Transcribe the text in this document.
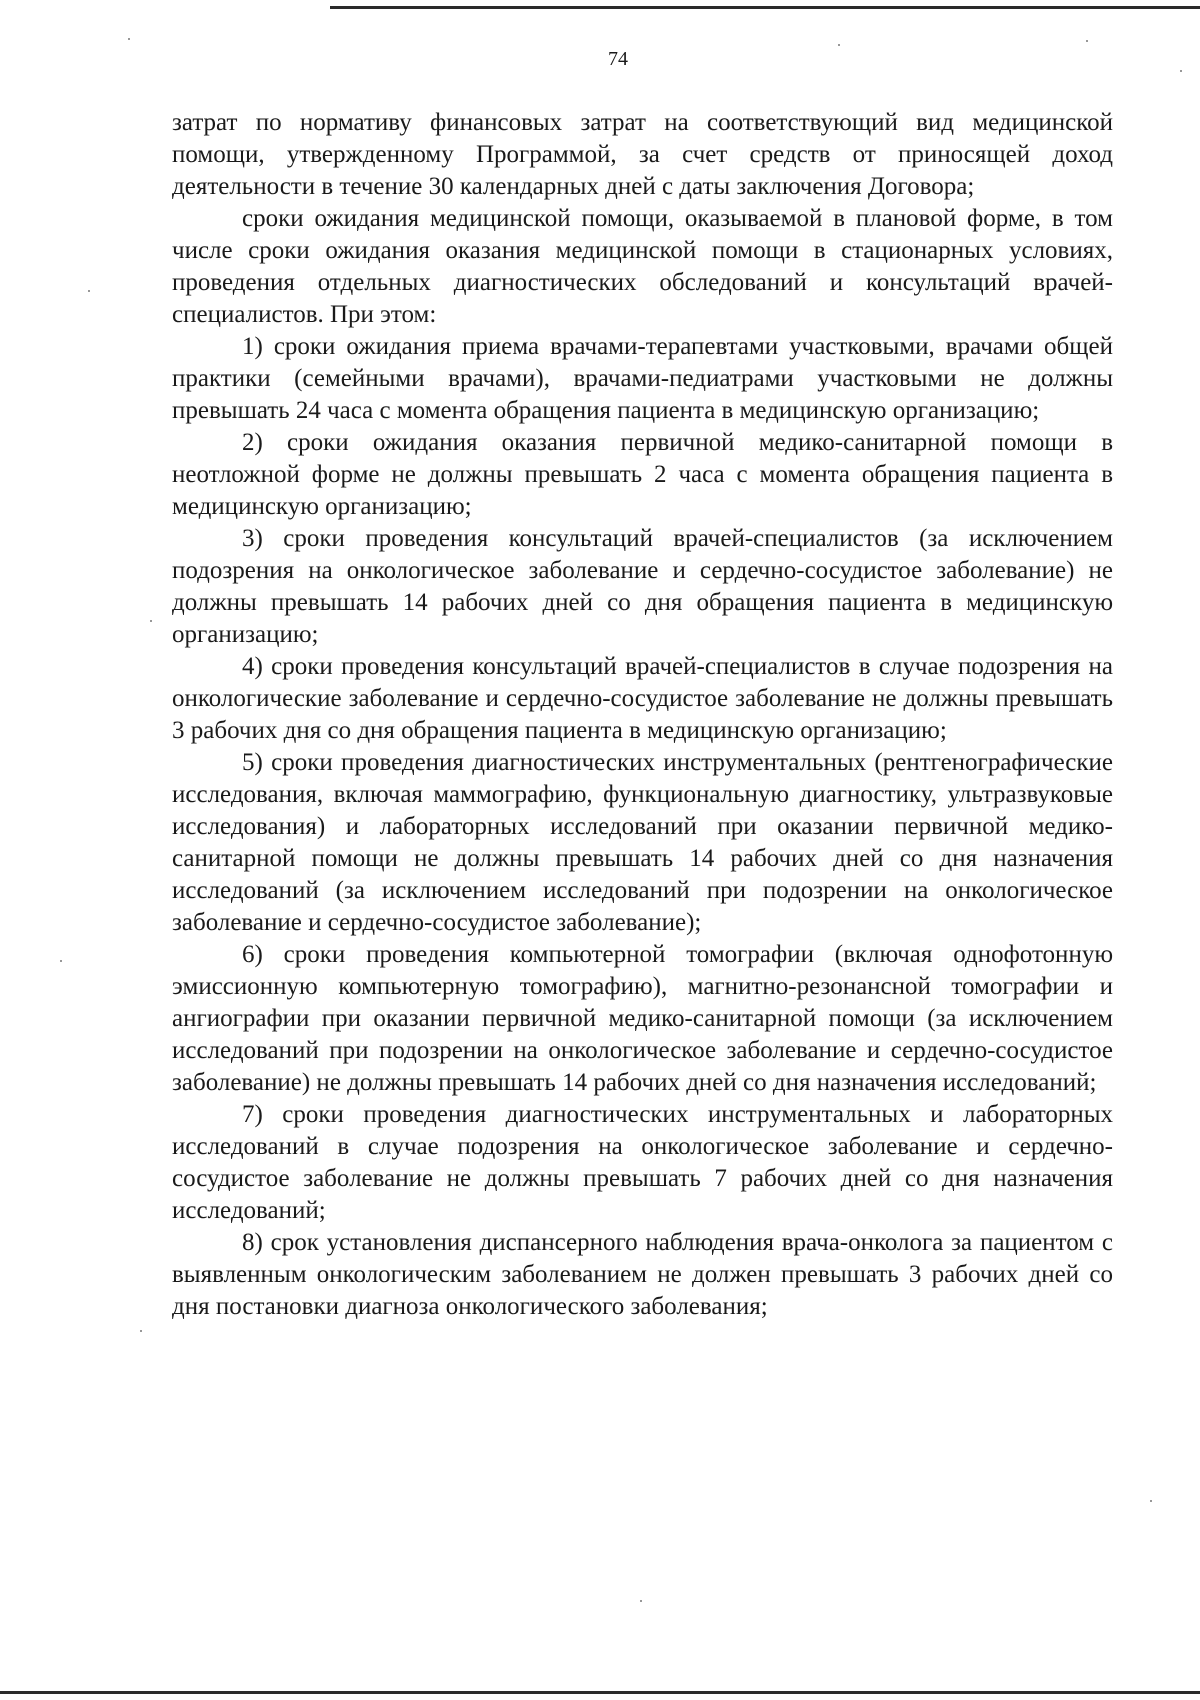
74

затрат по нормативу финансовых затрат на соответствующий вид медицинской помощи, утвержденному Программой, за счет средств от приносящей доход деятельности в течение 30 календарных дней с даты заключения Договора;

сроки ожидания медицинской помощи, оказываемой в плановой форме, в том числе сроки ожидания оказания медицинской помощи в стационарных условиях, проведения отдельных диагностических обследований и консультаций врачей-специалистов. При этом:

1) сроки ожидания приема врачами-терапевтами участковыми, врачами общей практики (семейными врачами), врачами-педиатрами участковыми не должны превышать 24 часа с момента обращения пациента в медицинскую организацию;

2) сроки ожидания оказания первичной медико-санитарной помощи в неотложной форме не должны превышать 2 часа с момента обращения пациента в медицинскую организацию;

3) сроки проведения консультаций врачей-специалистов (за исключением подозрения на онкологическое заболевание и сердечно-сосудистое заболевание) не должны превышать 14 рабочих дней со дня обращения пациента в медицинскую организацию;

4) сроки проведения консультаций врачей-специалистов в случае подозрения на онкологические заболевание и сердечно-сосудистое заболевание не должны превышать 3 рабочих дня со дня обращения пациента в медицинскую организацию;

5) сроки проведения диагностических инструментальных (рентгенографические исследования, включая маммографию, функциональную диагностику, ультразвуковые исследования) и лабораторных исследований при оказании первичной медико-санитарной помощи не должны превышать 14 рабочих дней со дня назначения исследований (за исключением исследований при подозрении на онкологическое заболевание и сердечно-сосудистое заболевание);

6) сроки проведения компьютерной томографии (включая однофотонную эмиссионную компьютерную томографию), магнитно-резонансной томографии и ангиографии при оказании первичной медико-санитарной помощи (за исключением исследований при подозрении на онкологическое заболевание и сердечно-сосудистое заболевание) не должны превышать 14 рабочих дней со дня назначения исследований;

7) сроки проведения диагностических инструментальных и лабораторных исследований в случае подозрения на онкологическое заболевание и сердечно-сосудистое заболевание не должны превышать 7 рабочих дней со дня назначения исследований;

8) срок установления диспансерного наблюдения врача-онколога за пациентом с выявленным онкологическим заболеванием не должен превышать 3 рабочих дней со дня постановки диагноза онкологического заболевания;
